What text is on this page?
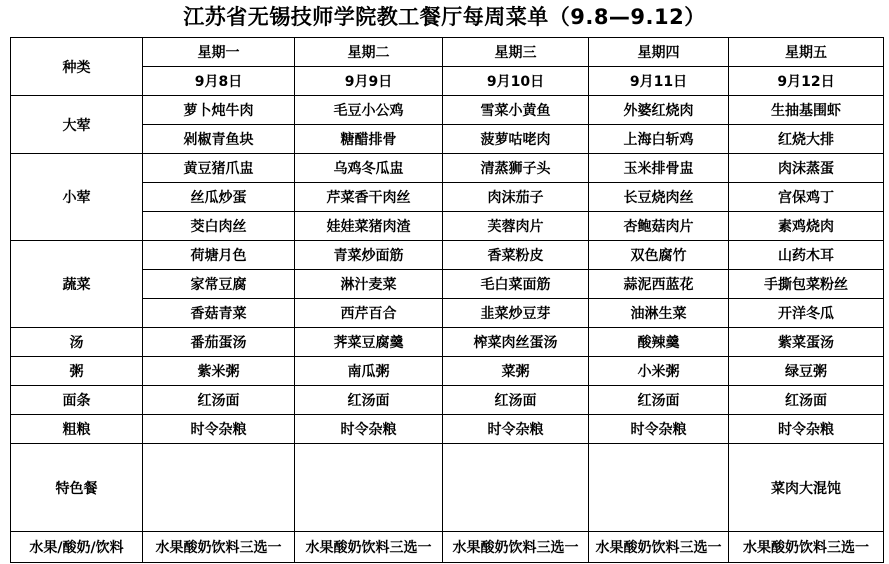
江苏省无锡技师学院教工餐厅每周菜单（9.8—9.12）
种类	星期一	星期二	星期三	星期四	星期五
	9月8日	9月9日	9月10日	9月11日	9月12日
大荤	萝卜炖牛肉	毛豆小公鸡	雪菜小黄鱼	外婆红烧肉	生抽基围虾
	剁椒青鱼块	糖醋排骨	菠萝咕咾肉	上海白斩鸡	红烧大排
小荤	黄豆猪爪盅	乌鸡冬瓜盅	清蒸狮子头	玉米排骨盅	肉沫蒸蛋
	丝瓜炒蛋	芹菜香干肉丝	肉沫茄子	长豆烧肉丝	宫保鸡丁
	茭白肉丝	娃娃菜猪肉渣	芙蓉肉片	杏鲍菇肉片	素鸡烧肉
蔬菜	荷塘月色	青菜炒面筋	香菜粉皮	双色腐竹	山药木耳
	家常豆腐	淋汁麦菜	毛白菜面筋	蒜泥西蓝花	手撕包菜粉丝
	香菇青菜	西芹百合	韭菜炒豆芽	油淋生菜	开洋冬瓜
汤	番茄蛋汤	荠菜豆腐羹	榨菜肉丝蛋汤	酸辣羹	紫菜蛋汤
粥	紫米粥	南瓜粥	菜粥	小米粥	绿豆粥
面条	红汤面	红汤面	红汤面	红汤面	红汤面
粗粮	时令杂粮	时令杂粮	时令杂粮	时令杂粮	时令杂粮
特色餐					菜肉大混饨
水果/酸奶/饮料	水果酸奶饮料三选一	水果酸奶饮料三选一	水果酸奶饮料三选一	水果酸奶饮料三选一	水果酸奶饮料三选一
